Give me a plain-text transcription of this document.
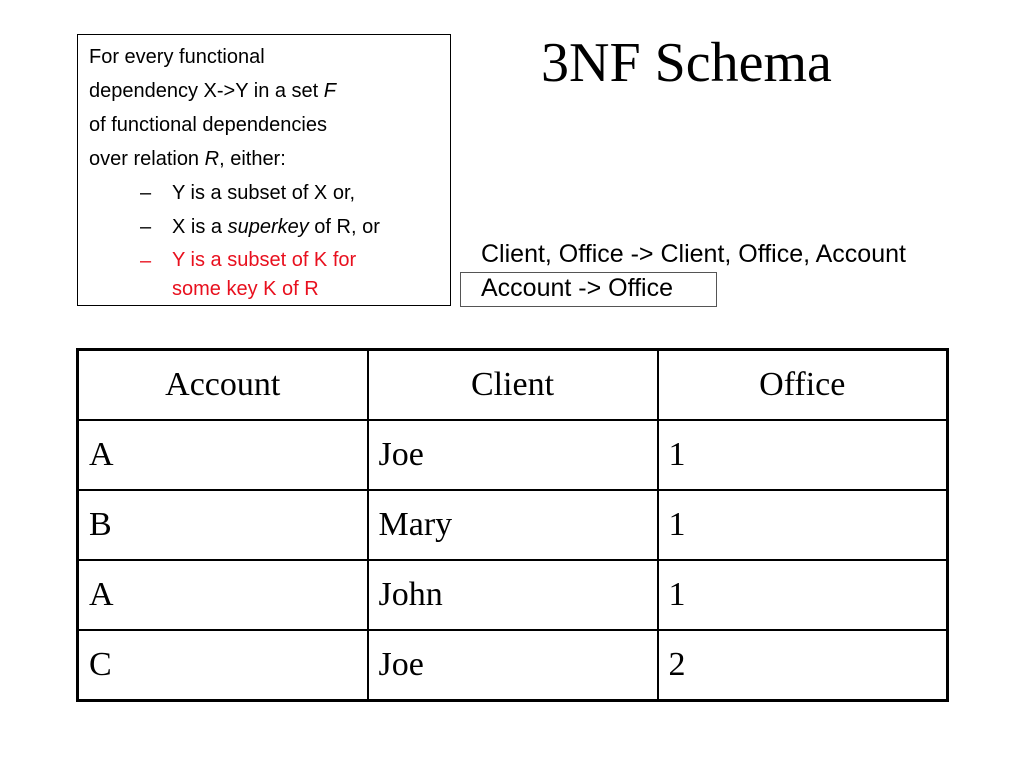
For every functional
dependency X->Y in a set F
of functional dependencies
over relation R, either:
– Y is a subset of X or,
– X is a superkey of R, or
– Y is a subset of K for
some key K of R
3NF Schema
Client, Office -> Client, Office, Account
Account -> Office
Account	Client	Office
A	Joe	1
B	Mary	1
A	John	1
C	Joe	2
